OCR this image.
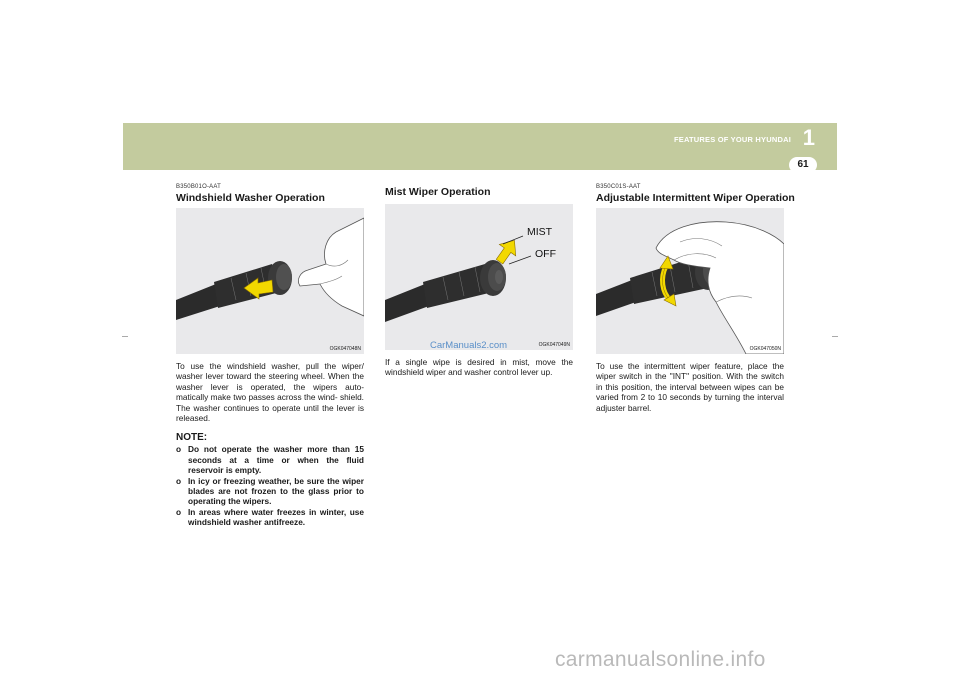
FEATURES OF YOUR HYUNDAI 1
61
B350B01O-AAT
Windshield Washer Operation
OGK047048N
To use the windshield washer, pull the wiper/ washer lever toward the steering wheel. When the washer lever is operated, the wipers auto- matically make two passes across the wind- shield. The washer continues to operate until the lever is released.
NOTE:
o Do not operate the washer more than 15 seconds at a time or when the fluid reservoir is empty.
o In icy or freezing weather, be sure the wiper blades are not frozen to the glass prior to operating the wipers.
o In areas where water freezes in winter, use windshield washer antifreeze.
Mist Wiper Operation
MIST
OFF
OGK047049N
If a single wipe is desired in mist, move the windshield wiper and washer control lever up.
B350C01S-AAT
Adjustable Intermittent Wiper Operation
OGK047050N
To use the intermittent wiper feature, place the wiper switch in the "INT" position. With the switch in this position, the interval between wipes can be varied from 2 to 10 seconds by turning the interval adjuster barrel.
CarManuals2.com
carmanualsonline.info
